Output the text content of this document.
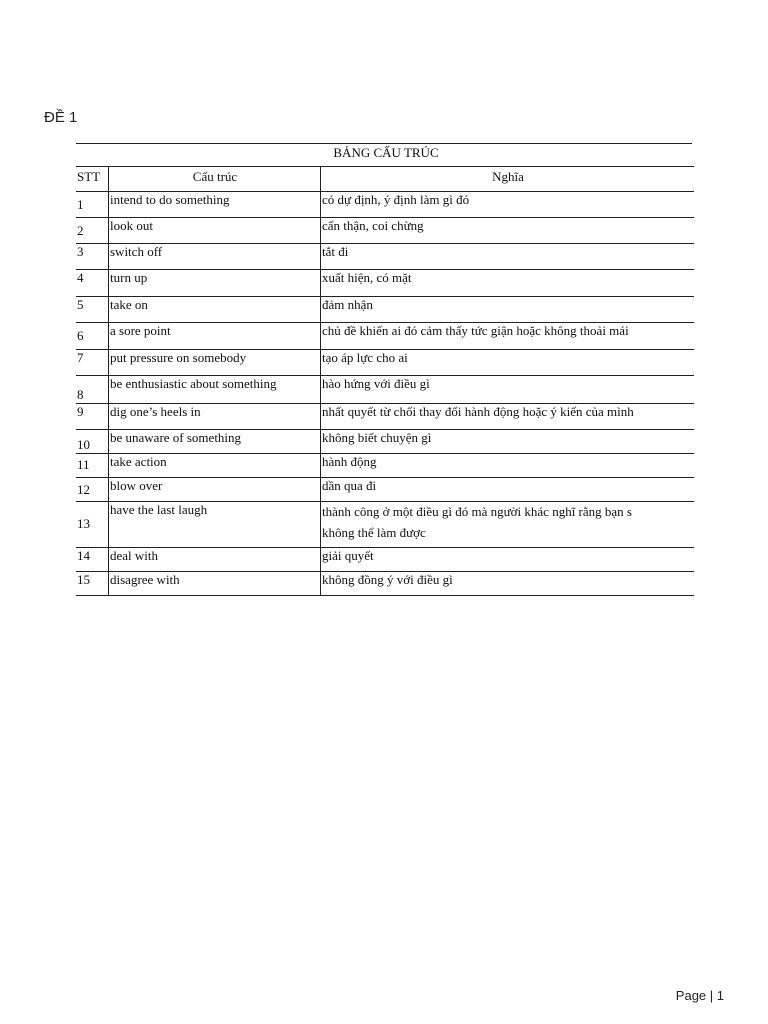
ĐỀ 1
BẢNG CẤU TRÚC
STT	Cấu trúc	Nghĩa

1	intend to do something	có dự định, ý định làm gì đó

2	look out	cẩn thận, coi chừng

3	switch off	tắt đi

4	turn up	xuất hiện, có mặt

5	take on	đảm nhận

6	a sore point	chủ đề khiến ai đó cảm thấy tức giận hoặc không thoải mái

7	put pressure on somebody	tạo áp lực cho ai

8	be enthusiastic about something	hào hứng với điều gì

9	dig one’s heels in	nhất quyết từ chối thay đổi hành động hoặc ý kiến của mình

10	be unaware of something	không biết chuyện gì

11	take action	hành động

12	blow over	dần qua đi

13	have the last laugh	thành công ở một điều gì đó mà người khác nghĩ rằng bạn s
không thể làm được

14	deal with	giải quyết

15	disagree with	không đồng ý với điều gì
Page | 1
